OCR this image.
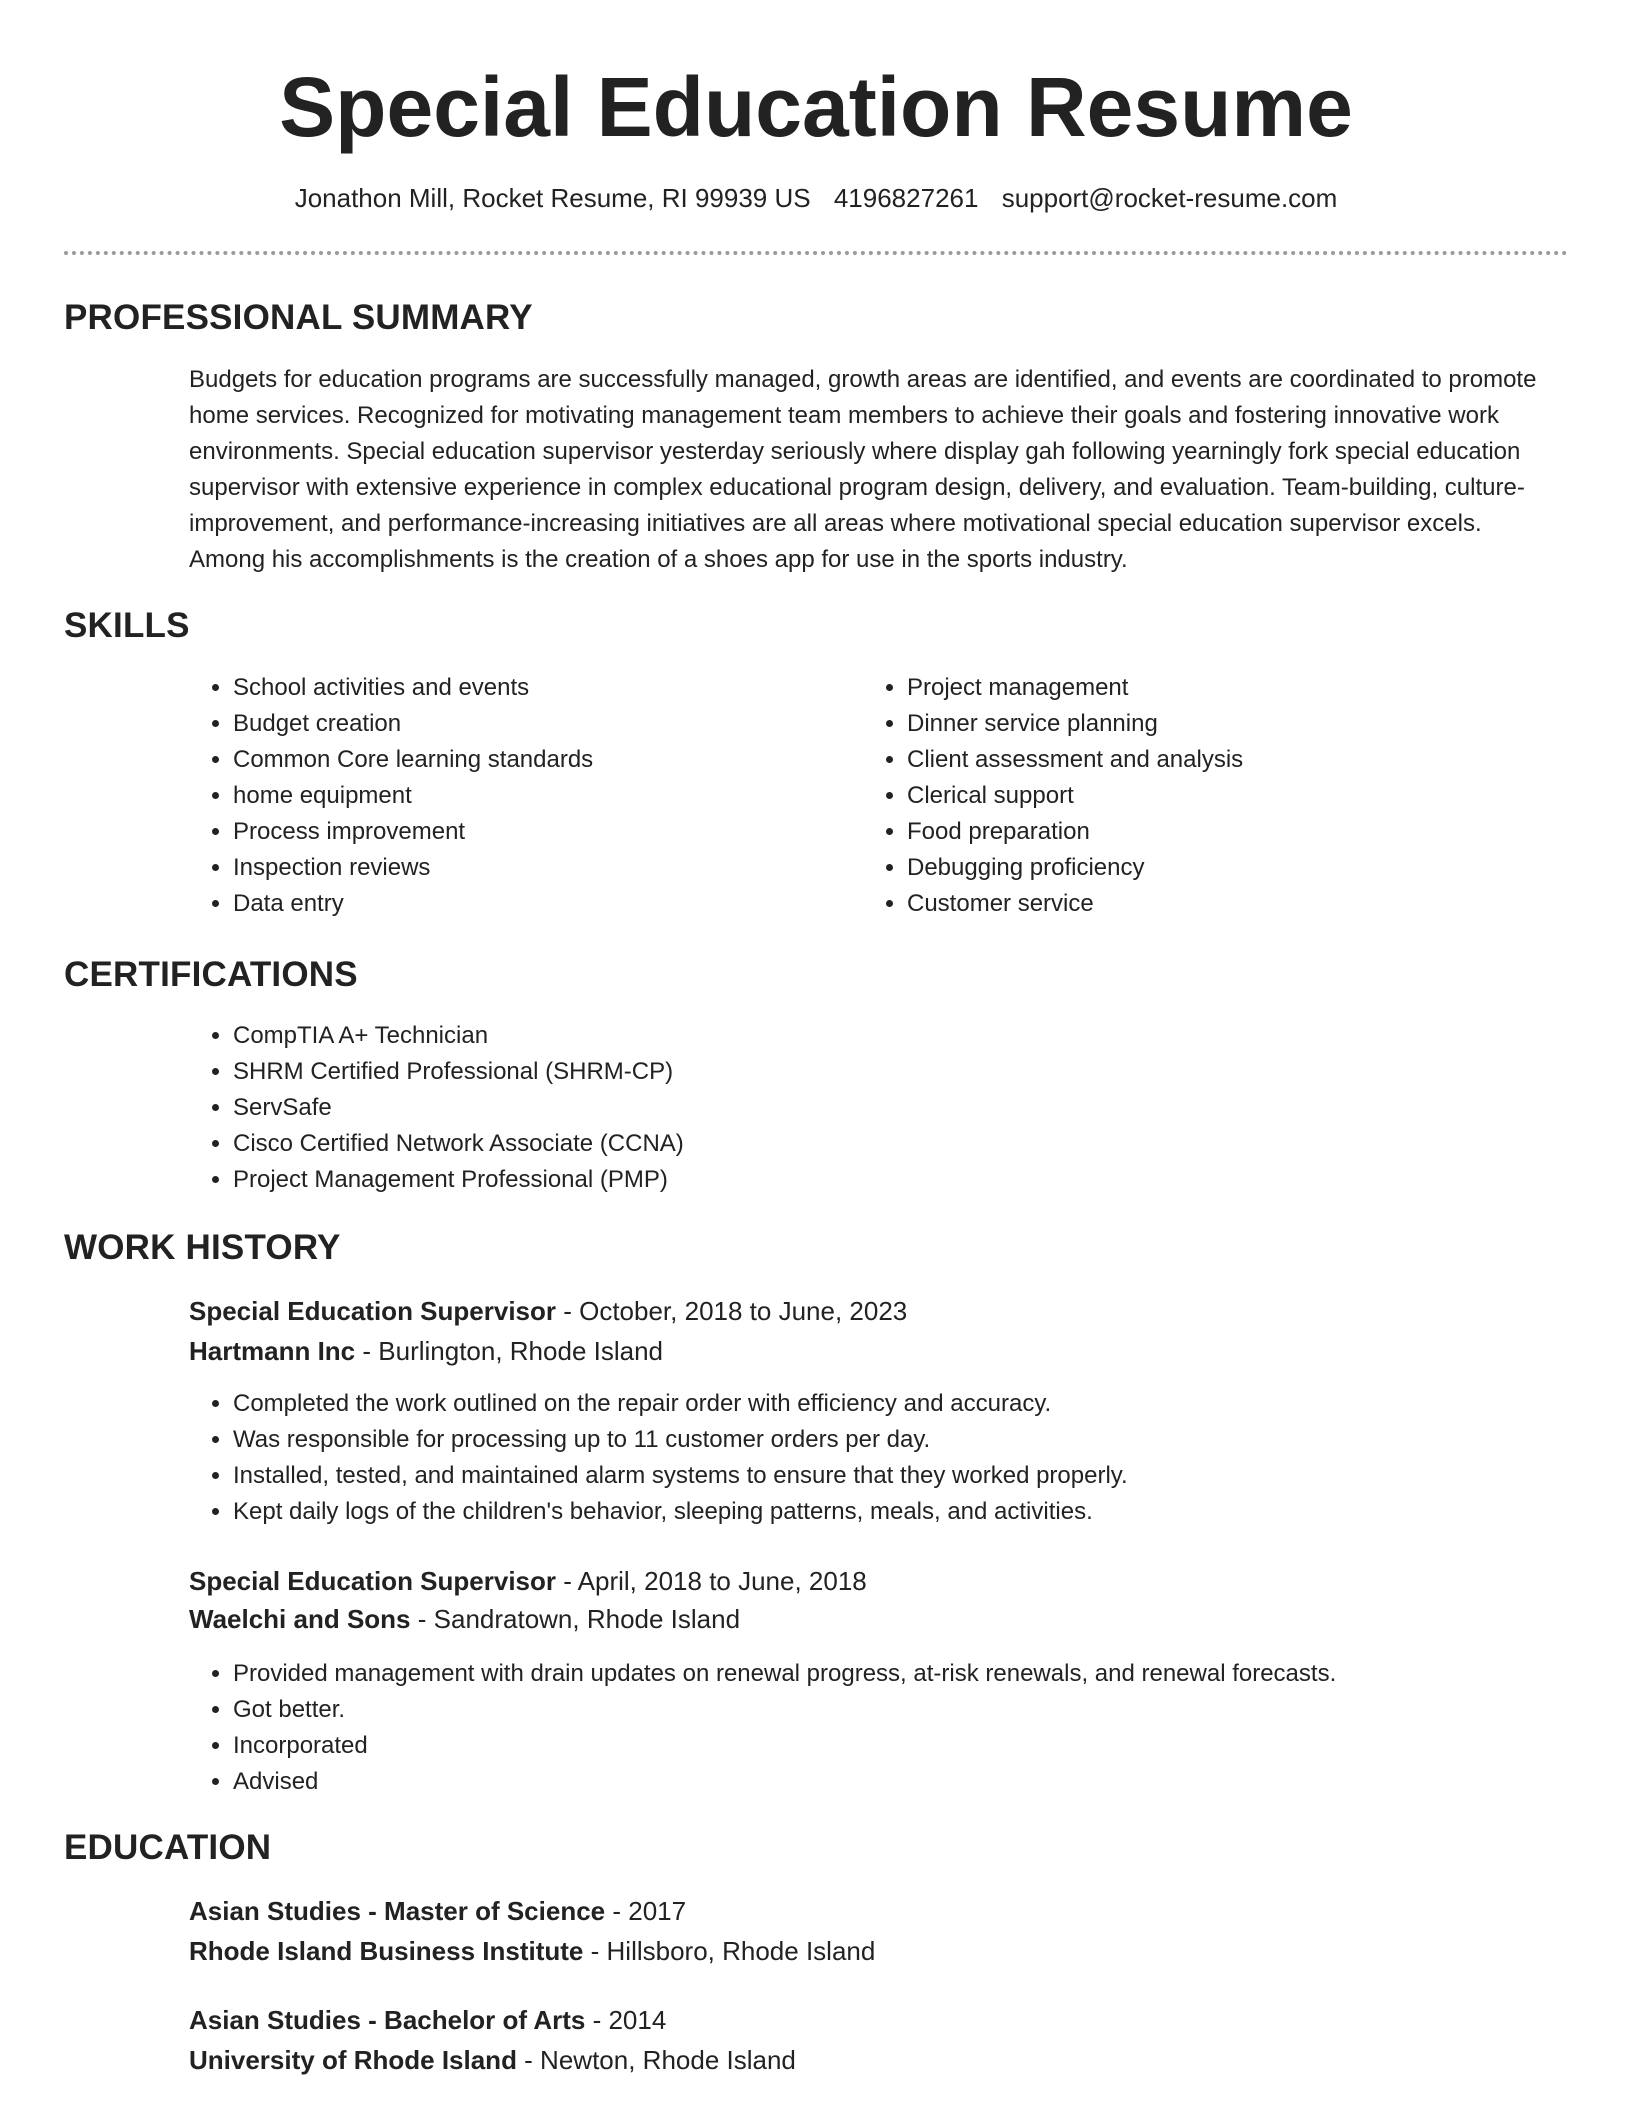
Special Education Resume
Jonathon Mill, Rocket Resume, RI 99939 US 4196827261 support@rocket-resume.com
PROFESSIONAL SUMMARY

Budgets for education programs are successfully managed, growth areas are identified, and events are coordinated to promote home services. Recognized for motivating management team members to achieve their goals and fostering innovative work environments. Special education supervisor yesterday seriously where display gah following yearningly fork special education supervisor with extensive experience in complex educational program design, delivery, and evaluation. Team-building, culture-improvement, and performance-increasing initiatives are all areas where motivational special education supervisor excels. Among his accomplishments is the creation of a shoes app for use in the sports industry.

SKILLS
• School activities and events
• Budget creation
• Common Core learning standards
• home equipment
• Process improvement
• Inspection reviews
• Data entry
• Project management
• Dinner service planning
• Client assessment and analysis
• Clerical support
• Food preparation
• Debugging proficiency
• Customer service
CERTIFICATIONS
• CompTIA A+ Technician
• SHRM Certified Professional (SHRM-CP)
• ServSafe
• Cisco Certified Network Associate (CCNA)
• Project Management Professional (PMP)
WORK HISTORY
Special Education Supervisor - October, 2018 to June, 2023
Hartmann Inc - Burlington, Rhode Island
• Completed the work outlined on the repair order with efficiency and accuracy.
• Was responsible for processing up to 11 customer orders per day.
• Installed, tested, and maintained alarm systems to ensure that they worked properly.
• Kept daily logs of the children's behavior, sleeping patterns, meals, and activities.
Special Education Supervisor - April, 2018 to June, 2018
Waelchi and Sons - Sandratown, Rhode Island
• Provided management with drain updates on renewal progress, at-risk renewals, and renewal forecasts.
• Got better.
• Incorporated
• Advised
EDUCATION
Asian Studies - Master of Science - 2017
Rhode Island Business Institute - Hillsboro, Rhode Island
Asian Studies - Bachelor of Arts - 2014
University of Rhode Island - Newton, Rhode Island
